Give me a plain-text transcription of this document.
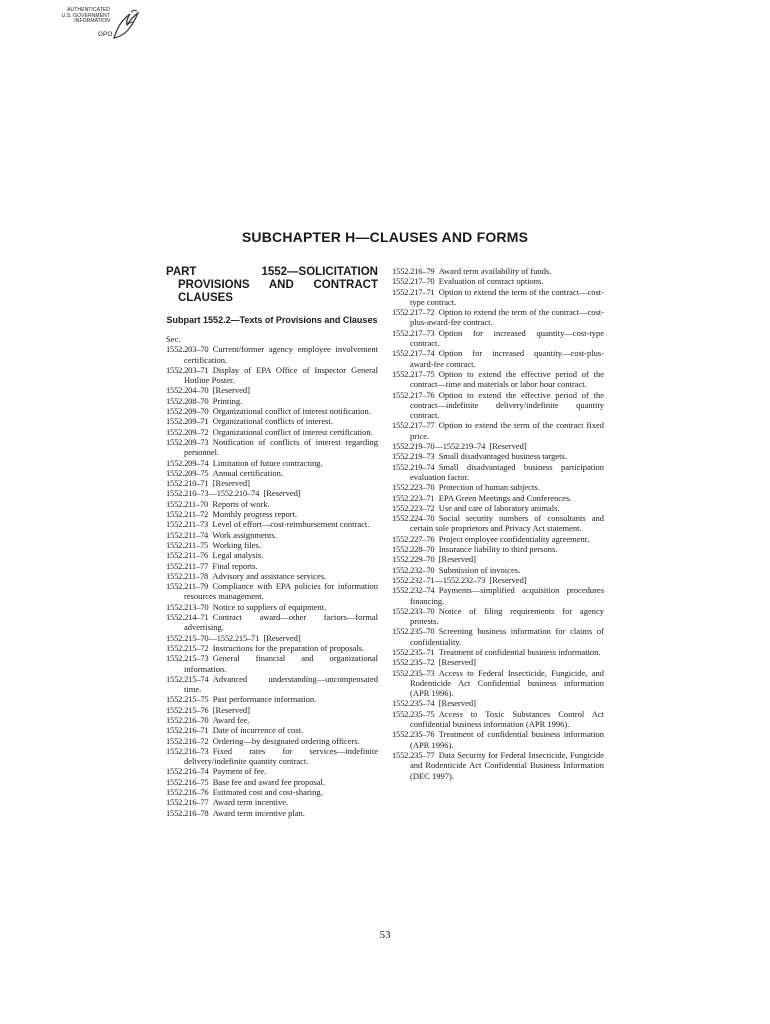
AUTHENTICATED
U.S. GOVERNMENT
INFORMATION
GPO
SUBCHAPTER H—CLAUSES AND FORMS
PART 1552—SOLICITATION PROVISIONS AND CONTRACT CLAUSES
Subpart 1552.2—Texts of Provisions and Clauses
Sec.
1552.203–70  Current/former agency employee involvement certification.
1552.203–71  Display of EPA Office of Inspector General Hotline Poster.
1552.204–70  [Reserved]
1552.208–70  Printing.
1552.209–70  Organizational conflict of interest notification.
1552.209–71  Organizational conflicts of interest.
1552.209–72  Organizational conflict of interest certification.
1552.209–73  Notification of conflicts of interest regarding personnel.
1552.209–74  Limitation of future contracting.
1552.209–75  Annual certification.
1552.210–71  [Reserved]
1552.210–73—1552.210–74  [Reserved]
1552.211–70  Reports of work.
1552.211–72  Monthly progress report.
1552.211–73  Level of effort—cost-reimbursement contract.
1552.211–74  Work assignments.
1552.211–75  Working files.
1552.211–76  Legal analysis.
1552.211–77  Final reports.
1552.211–78  Advisory and assistance services.
1552.211–79  Compliance with EPA policies for information resources management.
1552.213–70  Notice to suppliers of equipment.
1552.214–71  Contract award—other factors—formal advertising.
1552.215–70—1552.215–71  [Reserved]
1552.215–72  Instructions for the preparation of proposals.
1552.215–73  General financial and organizational information.
1552.215–74  Advanced understanding—uncompensated time.
1552.215–75  Past performance information.
1552.215–76  [Reserved]
1552.216–70  Award fee.
1552.216–71  Date of incurrence of cost.
1552.216–72  Ordering—by designated ordering officers.
1552.216–73  Fixed rates for services—indefinite delivery/indefinite quantity contract.
1552.216–74  Payment of fee.
1552.216–75  Base fee and award fee proposal.
1552.216–76  Estimated cost and cost-sharing.
1552.216–77  Award term incentive.
1552.216–78  Award term incentive plan.
1552.216–79  Award term availability of funds.
1552.217–70  Evaluation of contract options.
1552.217–71  Option to extend the term of the contract—cost-type contract.
1552.217–72  Option to extend the term of the contract—cost-plus-award-fee contract.
1552.217–73  Option for increased quantity—cost-type contract.
1552.217–74  Option for increased quantity—cost-plus-award-fee contract.
1552.217–75  Option to extend the effective period of the contract—time and materials or labor hour contract.
1552.217–76  Option to extend the effective period of the contract—indefinite delivery/indefinite quantity contract.
1552.217–77  Option to extend the term of the contract fixed price.
1552.219–70—1552.219–74  [Reserved]
1552.219–73  Small disadvantaged business targets.
1552.219–74  Small disadvantaged business participation evaluation factor.
1552.223–70  Protection of human subjects.
1552.223–71  EPA Green Meetings and Conferences.
1552.223–72  Use and care of laboratory animals.
1552.224–70  Social security numbers of consultants and certain sole proprietors and Privacy Act statement.
1552.227–76  Project employee confidentiality agreement.
1552.228–70  Insurance liability to third persons.
1552.229–70  [Reserved]
1552.232–70  Submission of invoices.
1552.232–71—1552.232–73  [Reserved]
1552.232–74  Payments—simplified acquisition procedures financing.
1552.233–70  Notice of filing requirements for agency protests.
1552.235–70  Screening business information for claims of confidentiality.
1552.235–71  Treatment of confidential business information.
1552.235–72  [Reserved]
1552.235–73  Access to Federal Insecticide, Fungicide, and Rodenticide Act Confidential business information (APR 1996).
1552.235–74  [Reserved]
1552.235–75  Access to Toxic Substances Control Act confidential business information (APR 1996).
1552.235–76  Treatment of confidential business information (APR 1996).
1552.235–77  Data Security for Federal Insecticide, Fungicide and Rodenticide Act Confidential Business Information (DEC 1997).
53
